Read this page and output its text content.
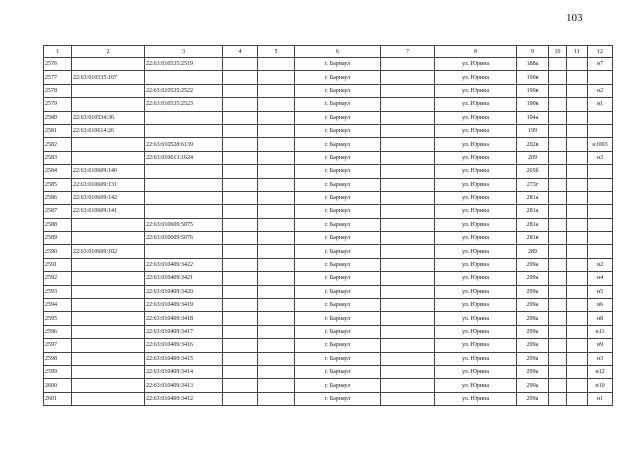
103
1	2	3	4	5	6	7	8	9	10	11	12
2576		22:63:010535:2519			г. Барнаул		ул. Юрина	188а			н7
2577	22:63:010535:107				г. Барнаул		ул. Юрина	190в			
2578		22:63:010535:2522			г. Барнаул		ул. Юрина	190в			н2
2579		22:63:010535:2523			г. Барнаул		ул. Юрина	190в			н1
2580	22:63:010534:36				г. Барнаул		ул. Юрина	194а			
2581	22:63:010614:26				г. Барнаул		ул. Юрина	199			
2582		22:63:010528:6139			г. Барнаул		ул. Юрина	202в			н1003
2583		22:63:010613:1624			г. Барнаул		ул. Юрина	209			н3
2584	22:63:010609:140				г. Барнаул		ул. Юрина	265б			
2585	22:63:010609:131				г. Барнаул		ул. Юрина	273г			
2586	22:63:010609:142				г. Барнаул		ул. Юрина	281а			
2587	22:63:010609:141				г. Барнаул		ул. Юрина	281а			
2588		22:63:010609:5075			г. Барнаул		ул. Юрина	281а			
2589		22:63:010609:5076			г. Барнаул		ул. Юрина	281в			
2590	22:63:010609:102				г. Барнаул		ул. Юрина	289			
2591		22:63:010409:3422			г. Барнаул		ул. Юрина	299а			н2
2592		22:63:010409:3421			г. Барнаул		ул. Юрина	299а			н4
2593		22:63:010409:3420			г. Барнаул		ул. Юрина	299а			н5
2594		22:63:010409:3419			г. Барнаул		ул. Юрина	299а			н6
2595		22:63:010409:3418			г. Барнаул		ул. Юрина	299а			н8
2596		22:63:010409:3417			г. Барнаул		ул. Юрина	299а			н11
2597		22:63:010409:3416			г. Барнаул		ул. Юрина	299а			н9
2598		22:63:010409:3415			г. Барнаул		ул. Юрина	299а			н3
2599		22:63:010409:3414			г. Барнаул		ул. Юрина	299а			н12
2600		22:63:010409:3413			г. Барнаул		ул. Юрина	299а			н10
2601		22:63:010409:3412			г. Барнаул		ул. Юрина	299а			н1
